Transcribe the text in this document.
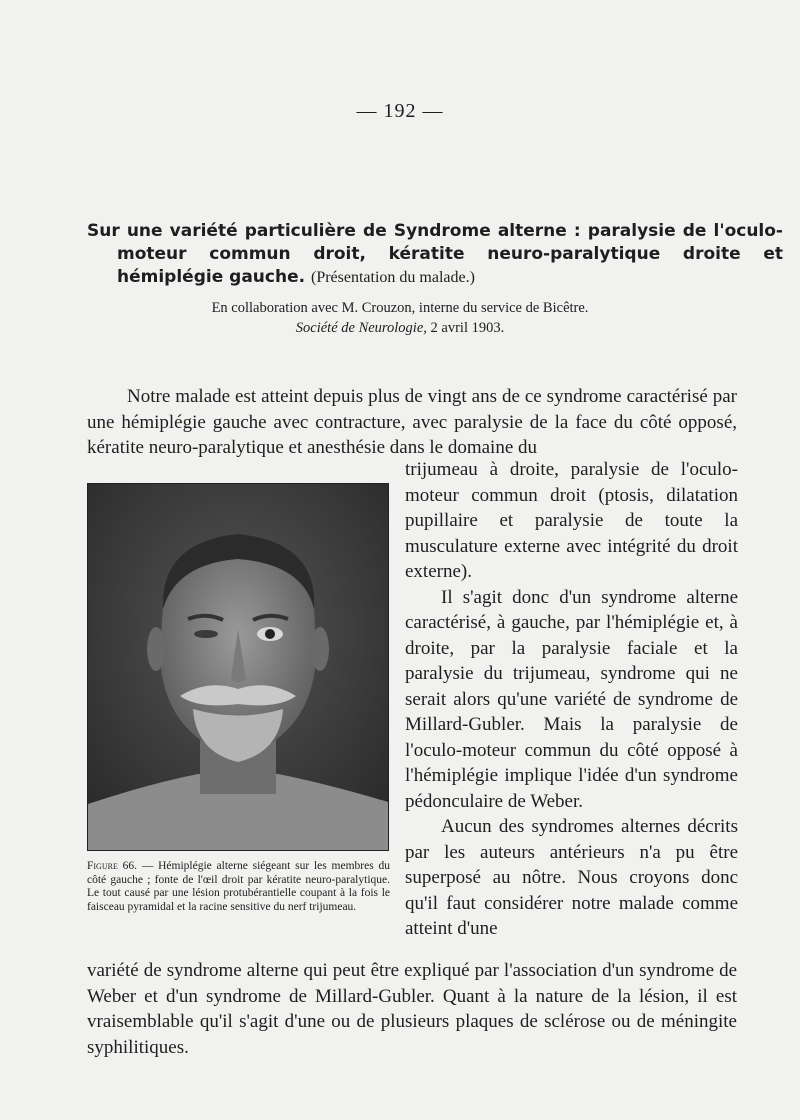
— 192 —
Sur une variété particulière de Syndrome alterne : paralysie de l'oculo-moteur commun droit, kératite neuro-paralytique droite et hémiplégie gauche. (Présentation du malade.)
En collaboration avec M. Crouzon, interne du service de Bicêtre.
Société de Neurologie, 2 avril 1903.

Notre malade est atteint depuis plus de vingt ans de ce syndrome caractérisé par une hémiplégie gauche avec contracture, avec paralysie de la face du côté opposé, kératite neuro-paralytique et anesthésie dans le domaine du

trijumeau à droite, paralysie de l'oculo-moteur commun droit (ptosis, dilatation pupillaire et paralysie de toute la musculature externe avec intégrité du droit externe).

Il s'agit donc d'un syndrome alterne caractérisé, à gauche, par l'hémiplégie et, à droite, par la paralysie faciale et la paralysie du trijumeau, syndrome qui ne serait alors qu'une variété de syndrome de Millard-Gubler. Mais la paralysie de l'oculo-moteur commun du côté opposé à l'hémiplégie implique l'idée d'un syndrome pédonculaire de Weber.

Aucun des syndromes alternes décrits par les auteurs antérieurs n'a pu être superposé au nôtre. Nous croyons donc qu'il faut considérer notre malade comme atteint d'une

Figure 66. — Hémiplégie alterne siégeant sur les membres du côté gauche ; fonte de l'œil droit par kératite neuro-paralytique. Le tout causé par une lésion protubérantielle coupant à la fois le faisceau pyramidal et la racine sensitive du nerf trijumeau.

variété de syndrome alterne qui peut être expliqué par l'association d'un syndrome de Weber et d'un syndrome de Millard-Gubler. Quant à la nature de la lésion, il est vraisemblable qu'il s'agit d'une ou de plusieurs plaques de sclérose ou de méningite syphilitiques.
